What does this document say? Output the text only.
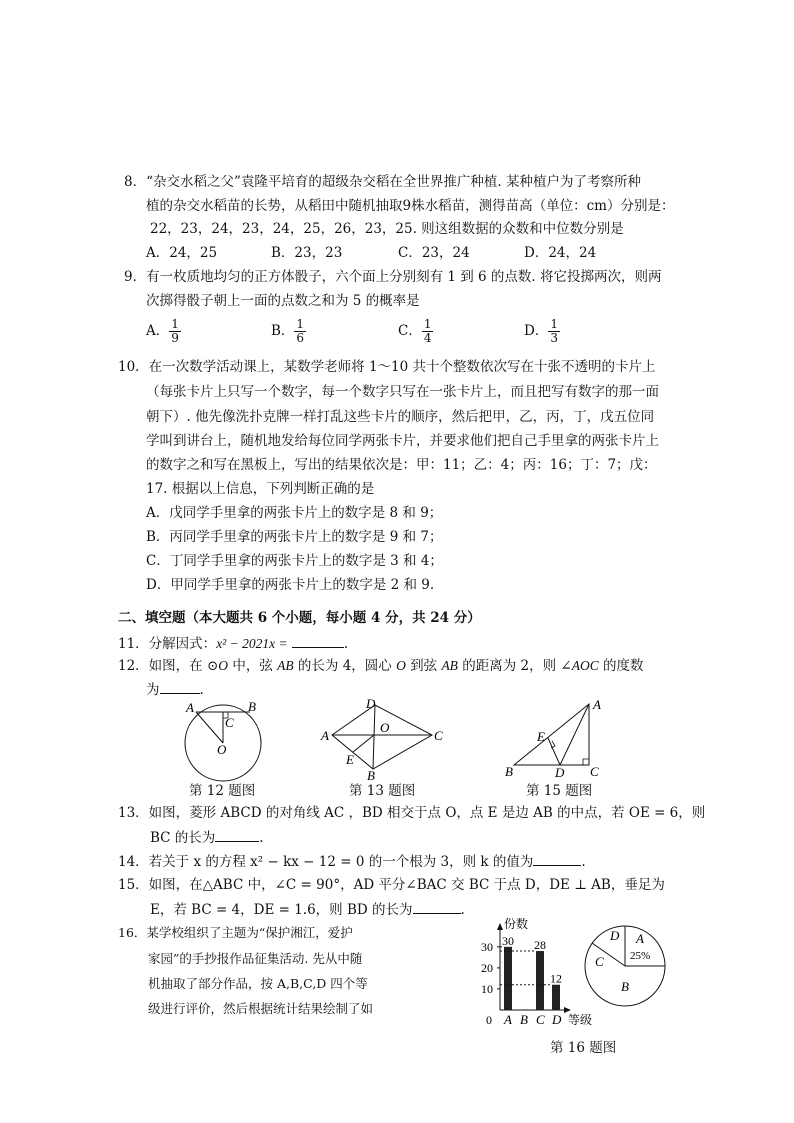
8．“杂交水稻之父”袁隆平培育的超级杂交稻在全世界推广种植. 某种植户为了考察所种
植的杂交水稻苗的长势，从稻田中随机抽取9株水稻苗，测得苗高（单位：cm）分别是：
22，23，24，23，24，25，26，23，25. 则这组数据的众数和中位数分别是
A．24，25	B．23，23	C．23，24	D．24，24
9．有一枚质地均匀的正方体骰子，六个面上分别刻有 1 到 6 的点数. 将它投掷两次，则两
次掷得骰子朝上一面的点数之和为 5 的概率是
A． $\frac{1}{9}$	B． $\frac{1}{6}$	C． $\frac{1}{4}$	D． $\frac{1}{3}$
10．在一次数学活动课上，某数学老师将 1～10 共十个整数依次写在十张不透明的卡片上
（每张卡片上只写一个数字，每一个数字只写在一张卡片上，而且把写有数字的那一面
朝下）. 他先像洗扑克牌一样打乱这些卡片的顺序，然后把甲，乙，丙，丁，戊五位同
学叫到讲台上，随机地发给每位同学两张卡片，并要求他们把自己手里拿的两张卡片上
的数字之和写在黑板上，写出的结果依次是：甲：11；乙：4；丙：16；丁：7；戊：
17. 根据以上信息，下列判断正确的是
A．戊同学手里拿的两张卡片上的数字是 8 和 9；
B．丙同学手里拿的两张卡片上的数字是 9 和 7；
C．丁同学手里拿的两张卡片上的数字是 3 和 4；
D．甲同学手里拿的两张卡片上的数字是 2 和 9.
二、填空题（本大题共 6 个小题，每小题 4 分，共 24 分）
11．分解因式：x² − 2021x =	.
12．如图，在 ⊙O 中，弦 AB 的长为 4，圆心 O 到弦 AB 的距离为 2，则 ∠AOC 的度数
为	.
A	B
C
O
第 12 题图
A
D
C
B
E
O
第 13 题图
A
B	C
D
E
第 15 题图
13．如图，菱形 ABCD 的对角线 AC ，BD 相交于点 O，点 E 是边 AB 的中点，若 OE = 6，则
BC 的长为	.
14．若关于 x 的方程 x² − kx − 12 = 0 的一个根为 3，则 k 的值为	.
15．如图，在△ABC 中，∠C = 90°，AD 平分∠BAC 交 BC 于点 D，DE ⊥ AB，垂足为
E，若 BC = 4，DE = 1.6，则 BD 的长为	.
16．某学校组织了主题为“保护湘江，爱护
家园”的手抄报作品征集活动. 先从中随
机抽取了部分作品，按 A,B,C,D 四个等
级进行评价，然后根据统计结果绘制了如
份数
等级
0
10
20
30 30
A B
28
C
12
D
A
25%
B
C
D
第 16 题图
